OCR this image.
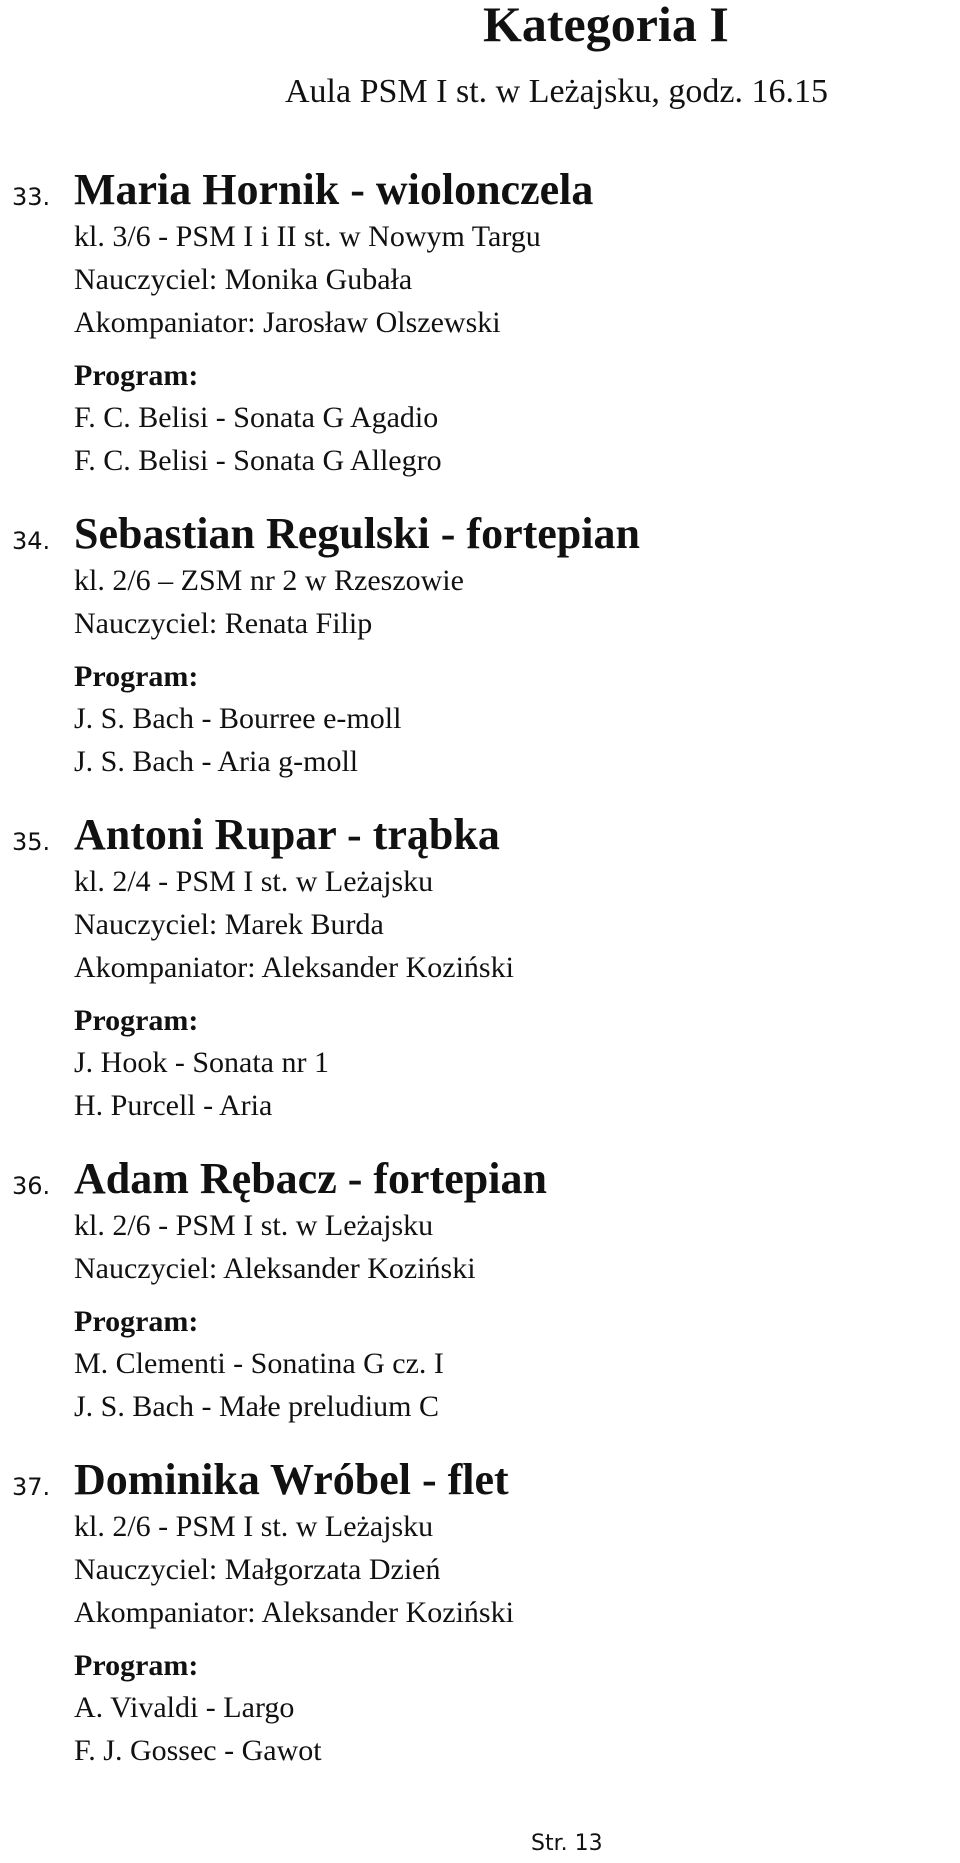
Kategoria I
Aula PSM I st. w Leżajsku, godz. 16.15
33. Maria Hornik - wiolonczela
kl. 3/6 - PSM I i II st. w Nowym Targu
Nauczyciel: Monika Gubała
Akompaniator: Jarosław Olszewski
Program:
F. C. Belisi - Sonata G Agadio
F. C. Belisi - Sonata G Allegro
34. Sebastian Regulski - fortepian
kl. 2/6 – ZSM nr 2 w Rzeszowie
Nauczyciel: Renata Filip
Program:
J. S. Bach - Bourree e-moll
J. S. Bach - Aria g-moll
35. Antoni Rupar - trąbka
kl. 2/4 - PSM I st. w Leżajsku
Nauczyciel: Marek Burda
Akompaniator: Aleksander Koziński
Program:
J. Hook - Sonata nr 1
H. Purcell - Aria
36. Adam Rębacz - fortepian
kl. 2/6 - PSM I st. w Leżajsku
Nauczyciel: Aleksander Koziński
Program:
M. Clementi - Sonatina G cz. I
J. S. Bach - Małe preludium C
37. Dominika Wróbel - flet
kl. 2/6 - PSM I st. w Leżajsku
Nauczyciel: Małgorzata Dzień
Akompaniator: Aleksander Koziński
Program:
A. Vivaldi - Largo
F. J. Gossec - Gawot
Str. 13
